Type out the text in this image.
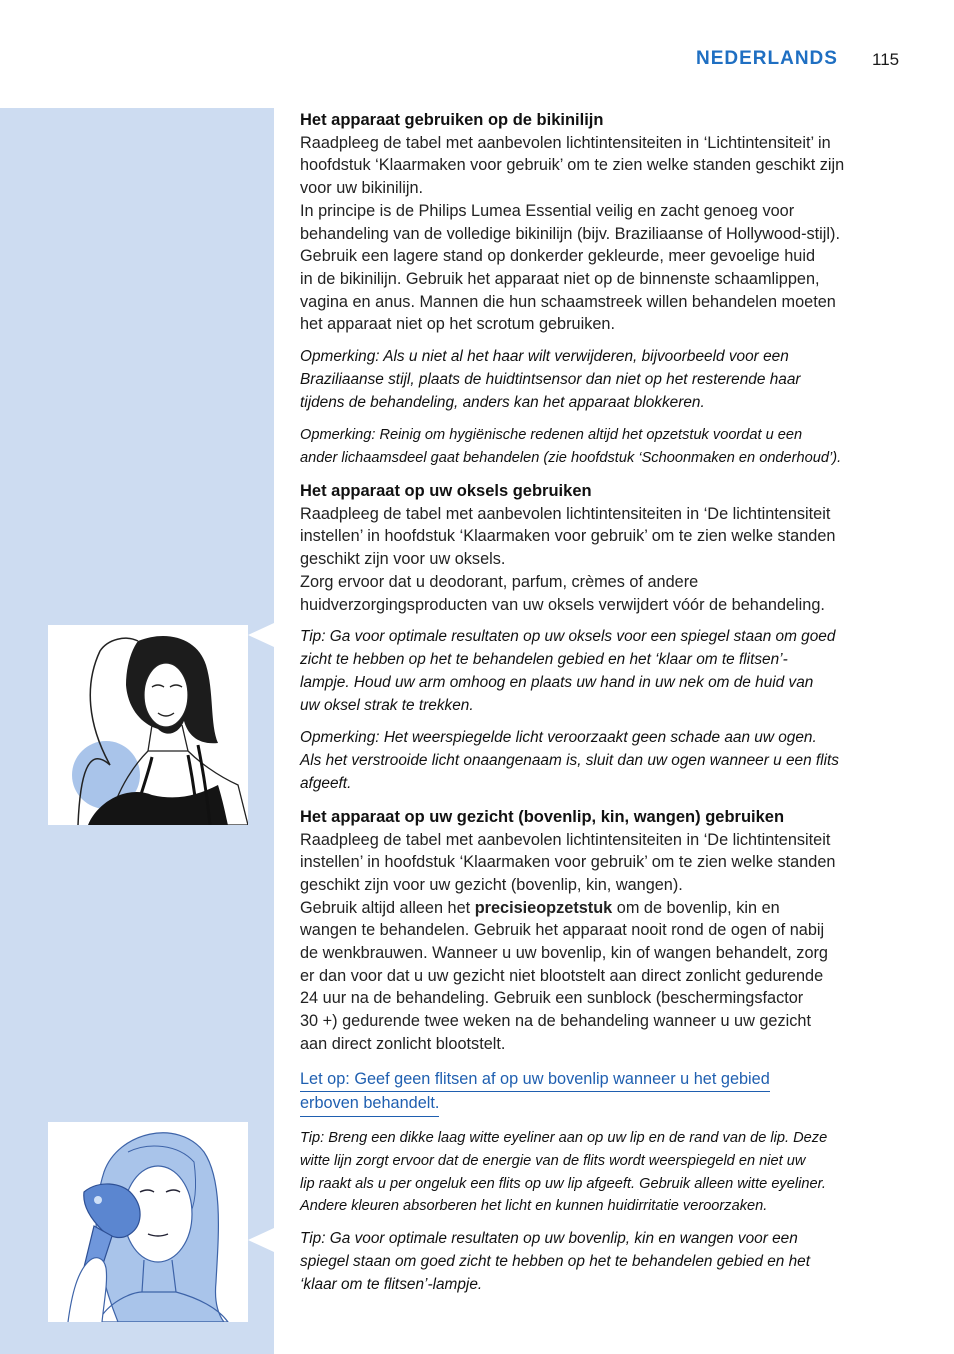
NEDERLANDS 115

Het apparaat gebruiken op de bikinilijn

Raadpleeg de tabel met aanbevolen lichtintensiteiten in ‘Lichtintensiteit’ in
hoofdstuk ‘Klaarmaken voor gebruik’ om te zien welke standen geschikt zijn
voor uw bikinilijn.

In principe is de Philips Lumea Essential veilig en zacht genoeg voor
behandeling van de volledige bikinilijn (bijv. Braziliaanse of Hollywood-stijl).
Gebruik een lagere stand op donkerder gekleurde, meer gevoelige huid
in de bikinilijn. Gebruik het apparaat niet op de binnenste schaamlippen,
vagina en anus. Mannen die hun schaamstreek willen behandelen moeten
het apparaat niet op het scrotum gebruiken.

Opmerking: Als u niet al het haar wilt verwijderen, bijvoorbeeld voor een
Braziliaanse stijl, plaats de huidtintsensor dan niet op het resterende haar
tijdens de behandeling, anders kan het apparaat blokkeren.

Opmerking: Reinig om hygiënische redenen altijd het opzetstuk voordat u een
ander lichaamsdeel gaat behandelen (zie hoofdstuk ‘Schoonmaken en onderhoud’).

Het apparaat op uw oksels gebruiken

Raadpleeg de tabel met aanbevolen lichtintensiteiten in ‘De lichtintensiteit
instellen’ in hoofdstuk ‘Klaarmaken voor gebruik’ om te zien welke standen
geschikt zijn voor uw oksels.

Zorg ervoor dat u deodorant, parfum, crèmes of andere
huidverzorgingsproducten van uw oksels verwijdert vóór de behandeling.

Tip: Ga voor optimale resultaten op uw oksels voor een spiegel staan om goed
zicht te hebben op het te behandelen gebied en het ‘klaar om te flitsen’-
lampje. Houd uw arm omhoog en plaats uw hand in uw nek om de huid van
uw oksel strak te trekken.

Opmerking: Het weerspiegelde licht veroorzaakt geen schade aan uw ogen.
Als het verstrooide licht onaangenaam is, sluit dan uw ogen wanneer u een flits
afgeeft.

Het apparaat op uw gezicht (bovenlip, kin, wangen) gebruiken

Raadpleeg de tabel met aanbevolen lichtintensiteiten in ‘De lichtintensiteit
instellen’ in hoofdstuk ‘Klaarmaken voor gebruik’ om te zien welke standen
geschikt zijn voor uw gezicht (bovenlip, kin, wangen).

Gebruik altijd alleen het precisieopzetstuk om de bovenlip, kin en
wangen te behandelen. Gebruik het apparaat nooit rond de ogen of nabij
de wenkbrauwen. Wanneer u uw bovenlip, kin of wangen behandelt, zorg
er dan voor dat u uw gezicht niet blootstelt aan direct zonlicht gedurende
24 uur na de behandeling. Gebruik een sunblock (beschermingsfactor
30 +) gedurende twee weken na de behandeling wanneer u uw gezicht
aan direct zonlicht blootstelt.

Let op: Geef geen flitsen af op uw bovenlip wanneer u het gebied
erboven behandelt.

Tip: Breng een dikke laag witte eyeliner aan op uw lip en de rand van de lip. Deze
witte lijn zorgt ervoor dat de energie van de flits wordt weerspiegeld en niet uw
lip raakt als u per ongeluk een flits op uw lip afgeeft. Gebruik alleen witte eyeliner.
Andere kleuren absorberen het licht en kunnen huidirritatie veroorzaken.

Tip: Ga voor optimale resultaten op uw bovenlip, kin en wangen voor een
spiegel staan om goed zicht te hebben op het te behandelen gebied en het
‘klaar om te flitsen’-lampje.
